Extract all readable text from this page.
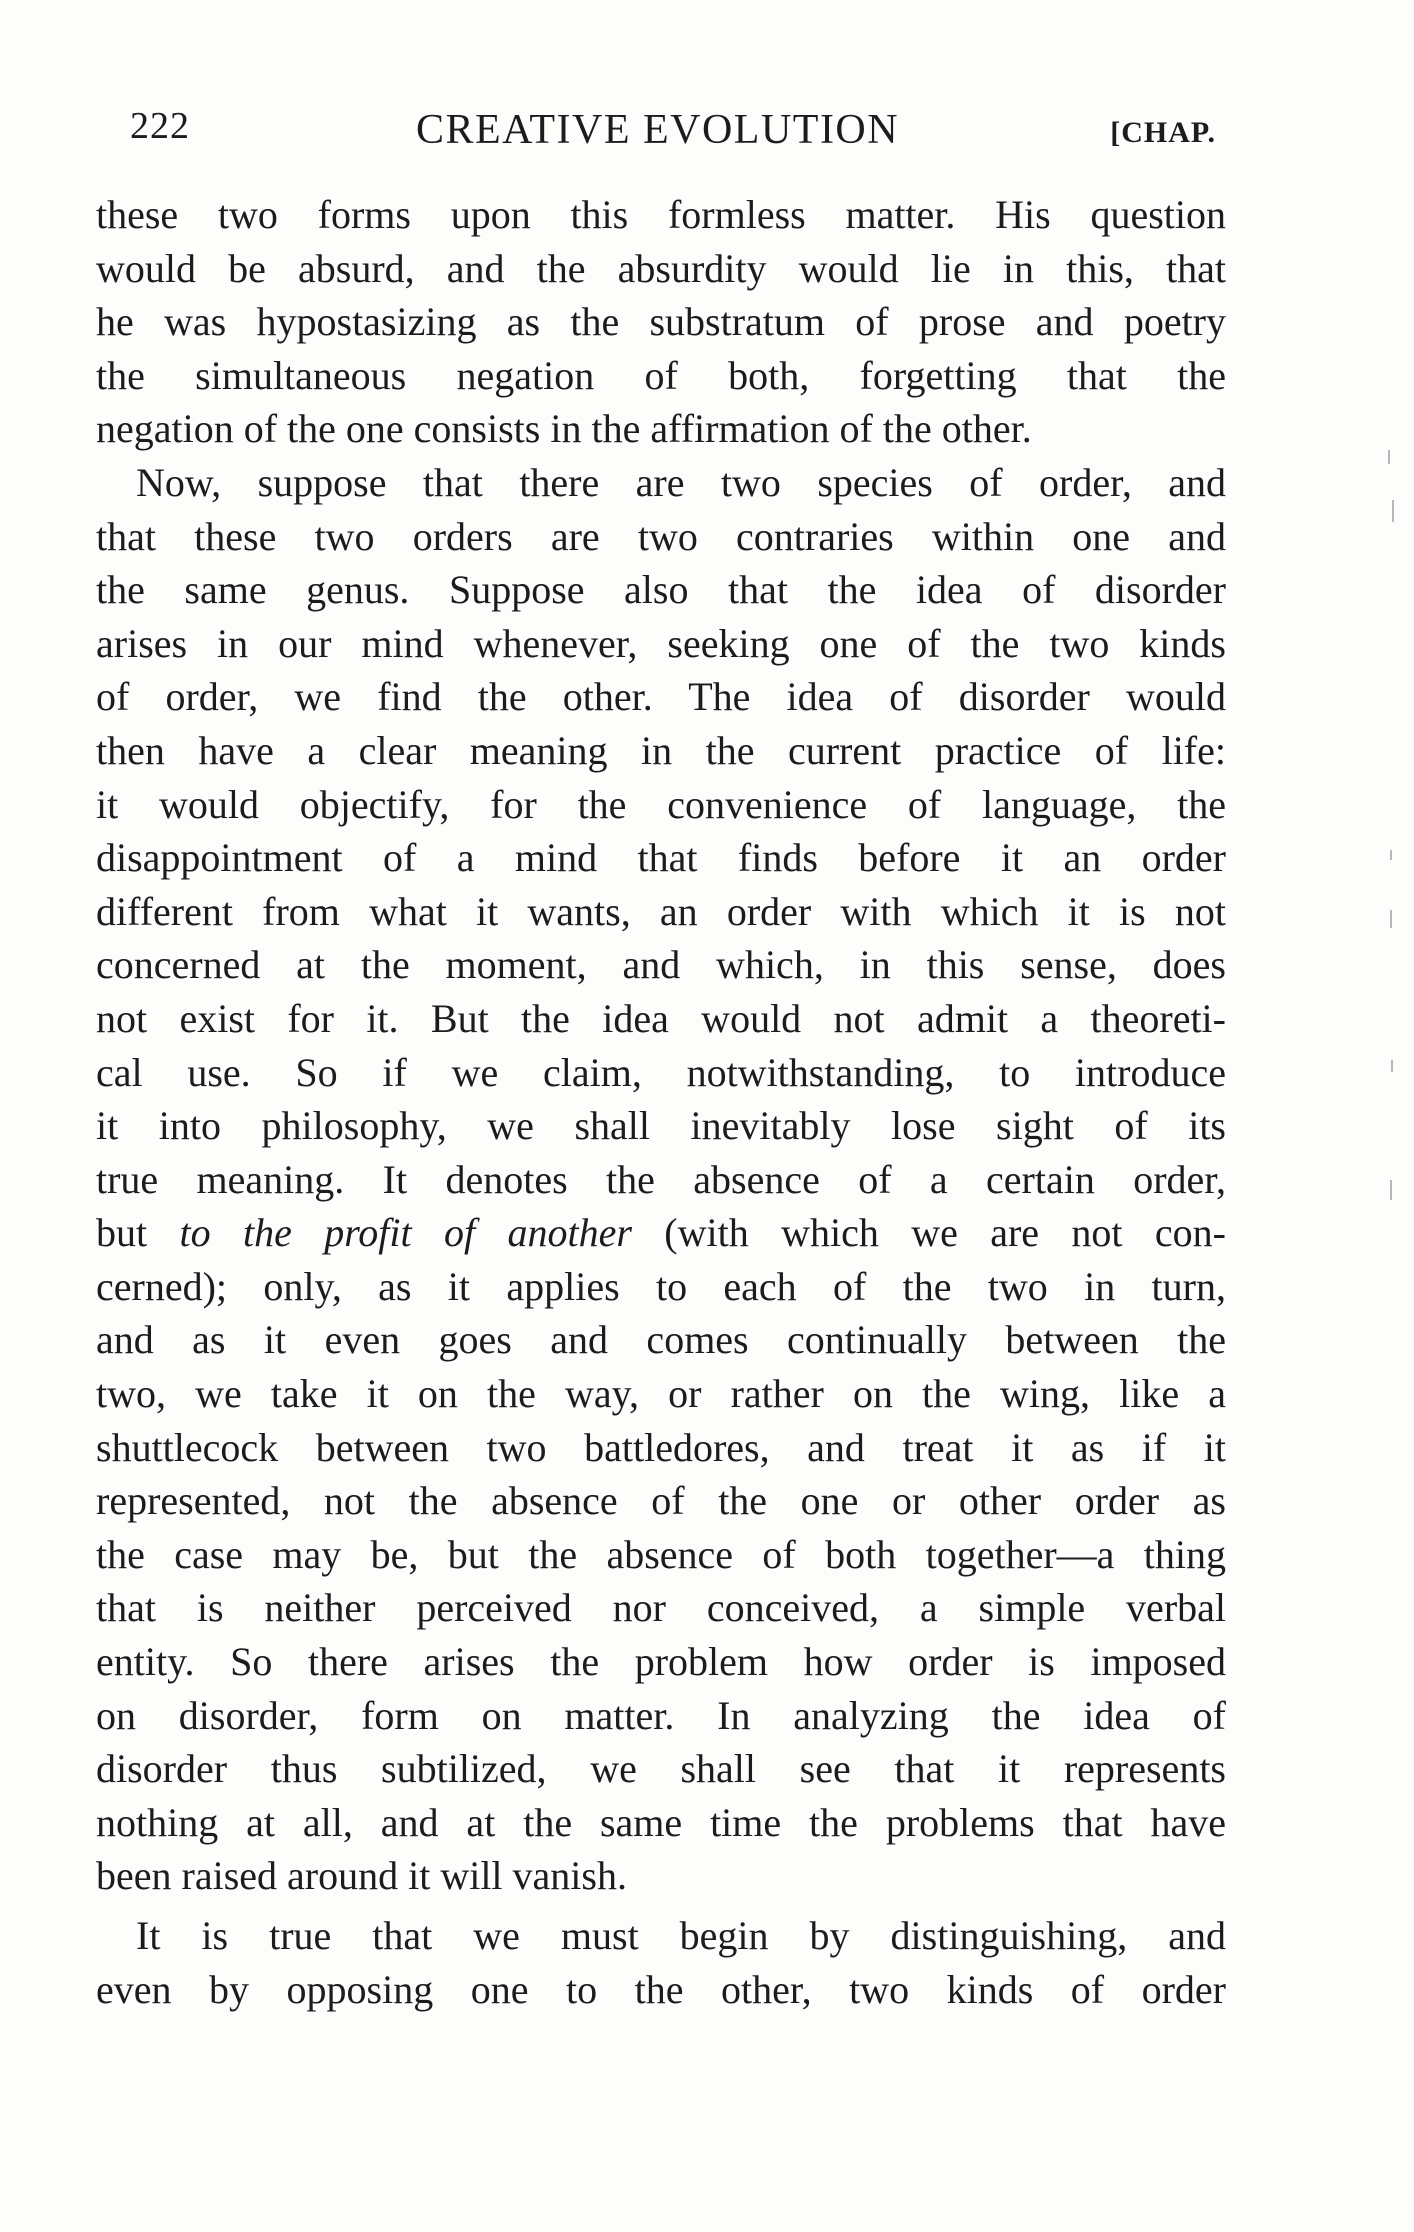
222	CREATIVE EVOLUTION	[CHAP.

these two forms upon this formless matter. His question
would be absurd, and the absurdity would lie in this, that
he was hypostasizing as the substratum of prose and poetry
the simultaneous negation of both, forgetting that the
negation of the one consists in the affirmation of the other.

Now, suppose that there are two species of order, and
that these two orders are two contraries within one and
the same genus. Suppose also that the idea of disorder
arises in our mind whenever, seeking one of the two kinds
of order, we find the other. The idea of disorder would
then have a clear meaning in the current practice of life:
it would objectify, for the convenience of language, the
disappointment of a mind that finds before it an order
different from what it wants, an order with which it is not
concerned at the moment, and which, in this sense, does
not exist for it. But the idea would not admit a theoreti-
cal use. So if we claim, notwithstanding, to introduce
it into philosophy, we shall inevitably lose sight of its
true meaning. It denotes the absence of a certain order,
but to the profit of another (with which we are not con-
cerned); only, as it applies to each of the two in turn,
and as it even goes and comes continually between the
two, we take it on the way, or rather on the wing, like a
shuttlecock between two battledores, and treat it as if it
represented, not the absence of the one or other order as
the case may be, but the absence of both together—a thing
that is neither perceived nor conceived, a simple verbal
entity. So there arises the problem how order is imposed
on disorder, form on matter. In analyzing the idea of
disorder thus subtilized, we shall see that it represents
nothing at all, and at the same time the problems that have
been raised around it will vanish.

It is true that we must begin by distinguishing, and
even by opposing one to the other, two kinds of order
